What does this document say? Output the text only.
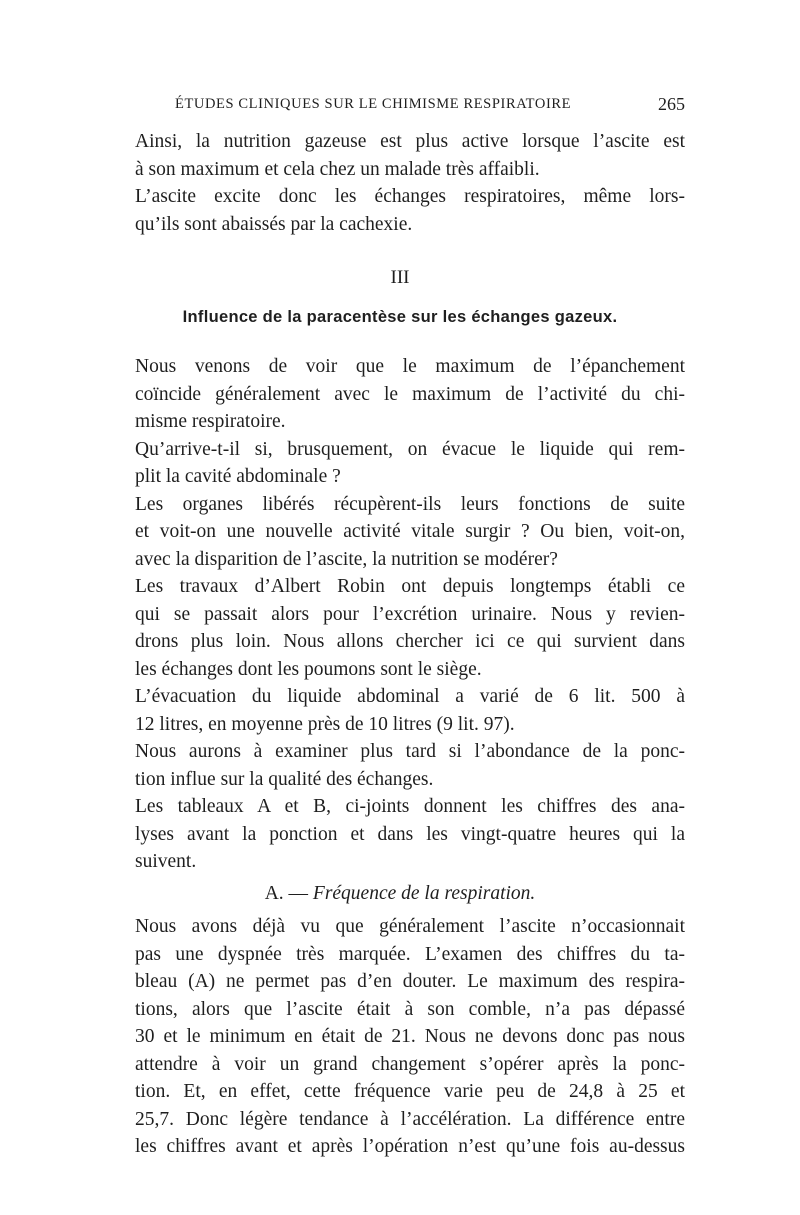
ÉTUDES CLINIQUES SUR LE CHIMISME RESPIRATOIRE	265

Ainsi, la nutrition gazeuse est plus active lorsque l’ascite est
à son maximum et cela chez un malade très affaibli.

L’ascite excite donc les échanges respiratoires, même lors-
qu’ils sont abaissés par la cachexie.

III
Influence de la paracentèse sur les échanges gazeux.

Nous venons de voir que le maximum de l’épanchement
coïncide généralement avec le maximum de l’activité du chi-
misme respiratoire.

Qu’arrive-t-il si, brusquement, on évacue le liquide qui rem-
plit la cavité abdominale ?

Les organes libérés récupèrent-ils leurs fonctions de suite
et voit-on une nouvelle activité vitale surgir ? Ou bien, voit-on,
avec la disparition de l’ascite, la nutrition se modérer?

Les travaux d’Albert Robin ont depuis longtemps établi ce
qui se passait alors pour l’excrétion urinaire. Nous y revien-
drons plus loin. Nous allons chercher ici ce qui survient dans
les échanges dont les poumons sont le siège.

L’évacuation du liquide abdominal a varié de 6 lit. 500 à
12 litres, en moyenne près de 10 litres (9 lit. 97).

Nous aurons à examiner plus tard si l’abondance de la ponc-
tion influe sur la qualité des échanges.

Les tableaux A et B, ci-joints donnent les chiffres des ana-
lyses avant la ponction et dans les vingt-quatre heures qui la
suivent.

A. — Fréquence de la respiration.

Nous avons déjà vu que généralement l’ascite n’occasionnait
pas une dyspnée très marquée. L’examen des chiffres du ta-
bleau (A) ne permet pas d’en douter. Le maximum des respira-
tions, alors que l’ascite était à son comble, n’a pas dépassé
30 et le minimum en était de 21. Nous ne devons donc pas nous
attendre à voir un grand changement s’opérer après la ponc-
tion. Et, en effet, cette fréquence varie peu de 24,8 à 25 et
25,7. Donc légère tendance à l’accélération. La différence entre
les chiffres avant et après l’opération n’est qu’une fois au-dessus
